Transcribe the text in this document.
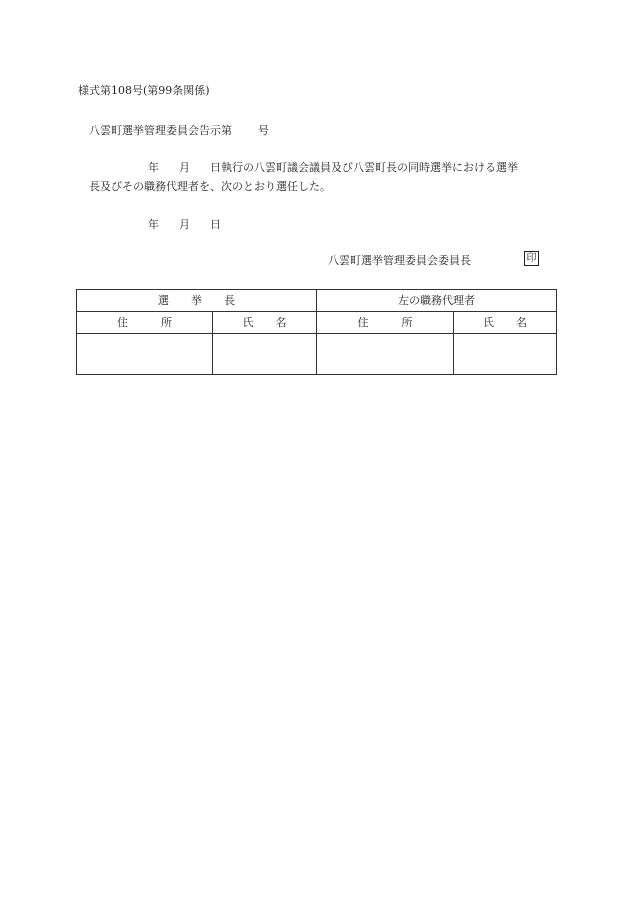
様式第108号(第99条関係)
八雲町選挙管理委員会告示第 号
年 月 日執行の八雲町議会議員及び八雲町長の同時選挙における選挙
長及びその職務代理者を、次のとおり選任した。
年 月 日
八雲町選挙管理委員会委員長	印
選　　挙　　長		左の職務代理者	
住　　　所	氏　　名	住　　　所	氏　　名
